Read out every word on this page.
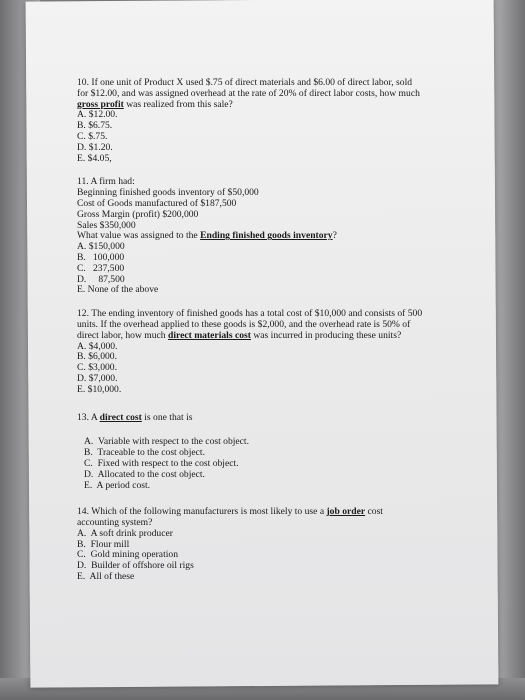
10. If one unit of Product X used $.75 of direct materials and $6.00 of direct labor, sold
for $12.00, and was assigned overhead at the rate of 20% of direct labor costs, how much
gross profit was realized from this sale?
A. $12.00.
B. $6.75.
C. $.75.
D. $1.20.
E. $4.05,
11. A firm had:
Beginning finished goods inventory of $50,000
Cost of Goods manufactured of $187,500
Gross Margin (profit) $200,000
Sales $350,000
What value was assigned to the Ending finished goods inventory?
A. $150,000
B.   100,000
C.   237,500
D.     87,500
E. None of the above
12. The ending inventory of finished goods has a total cost of $10,000 and consists of 500
units. If the overhead applied to these goods is $2,000, and the overhead rate is 50% of
direct labor, how much direct materials cost was incurred in producing these units?
A. $4,000.
B. $6,000.
C. $3,000.
D. $7,000.
E. $10,000.
13. A direct cost is one that is
A.  Variable with respect to the cost object.
B.  Traceable to the cost object.
C.  Fixed with respect to the cost object.
D.  Allocated to the cost object.
E.  A period cost.
14. Which of the following manufacturers is most likely to use a job order cost
accounting system?
A.  A soft drink producer
B.  Flour mill
C.  Gold mining operation
D.  Builder of offshore oil rigs
E.  All of these
